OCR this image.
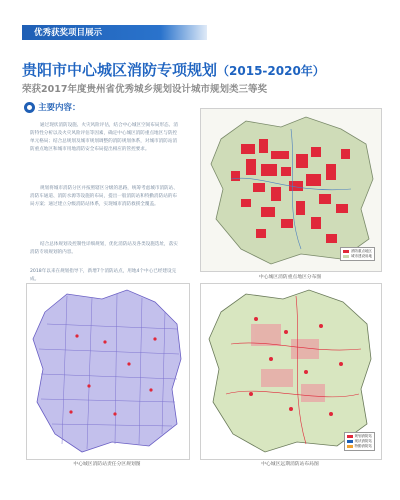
优秀获奖项目展示
贵阳市中心城区消防专项规划（2015-2020年）
荣获2017年度贵州省优秀城乡规划设计城市规划类三等奖
主要内容：

通过现状消防设施、火灾风险评估，结合中心城区空间布局形态、消防特性分析以及火灾风险评估等因素，确定中心城区消防重点地区与防控单元格局；结合总规划及城市规划调整的消防规划体系，对城市消防站消防重点地区和城市用地消防安全布局提出相应的管控要求。

规划将城市消防分区并按照辖区分级的思路，统筹考虑城市消防站、消防车通道、消防水源等设施的布局，提出一般消防站和特勤消防站的布局方案；通过建立分级消防站体系，实现城市消防救援全覆盖。

结合总体规划及控制性详细规划，优化消防站及各类设施选址，落实消防专项规划的内容。

2018年以来在规划指导下，新增7个消防站点，用地4个中心已经建设完成。

消防重点地区
城市建设用地
中心城区消防重点地区分布图
中心城区消防站责任分区规划图
规划消防站
现状消防站
特勤消防站
中心城区远期消防站布局图
